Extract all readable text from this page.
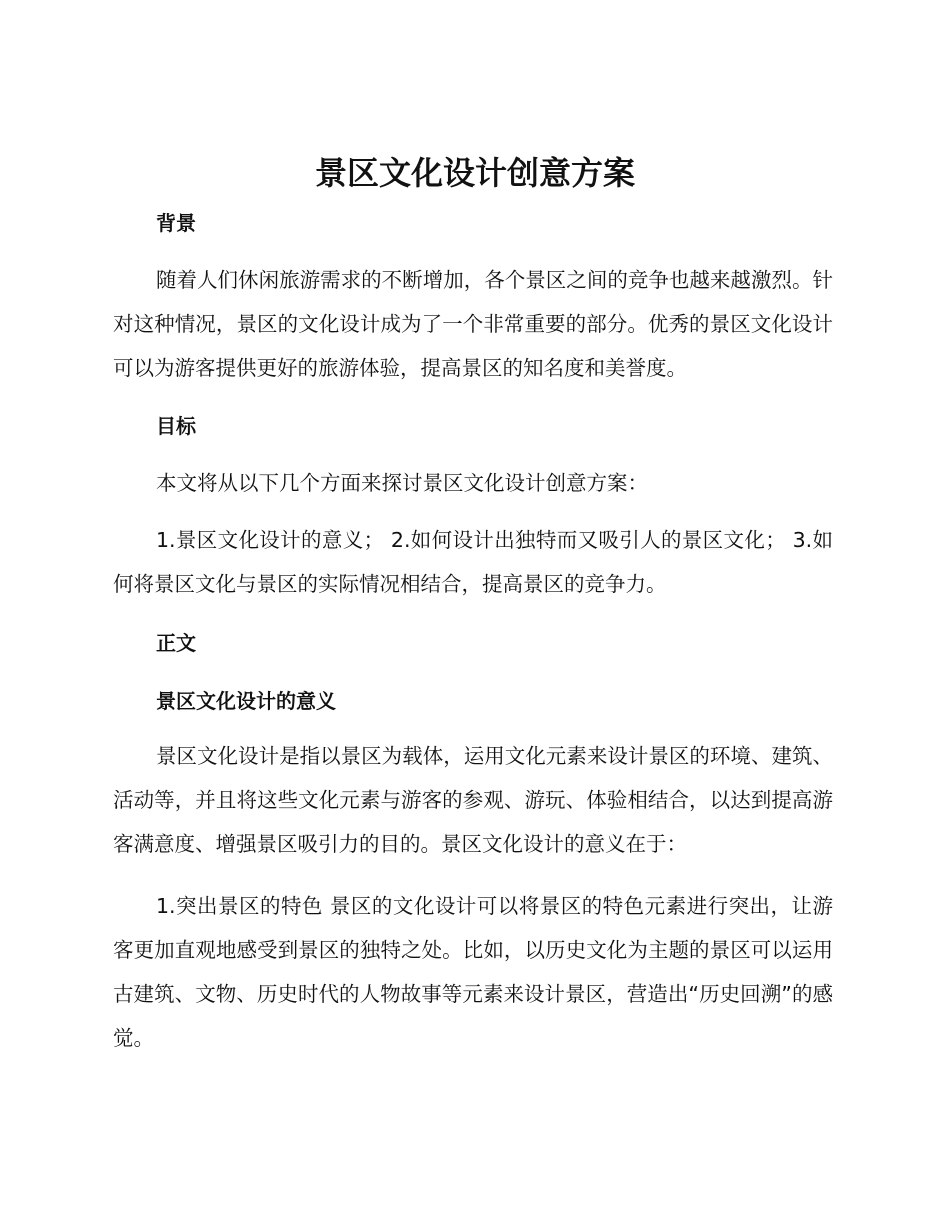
景区文化设计创意方案
背景

随着人们休闲旅游需求的不断增加，各个景区之间的竞争也越来越激烈。针对这种情况，景区的文化设计成为了一个非常重要的部分。优秀的景区文化设计可以为游客提供更好的旅游体验，提高景区的知名度和美誉度。

目标

本文将从以下几个方面来探讨景区文化设计创意方案：

1.景区文化设计的意义； 2.如何设计出独特而又吸引人的景区文化； 3.如何将景区文化与景区的实际情况相结合，提高景区的竞争力。

正文
景区文化设计的意义

景区文化设计是指以景区为载体，运用文化元素来设计景区的环境、建筑、活动等，并且将这些文化元素与游客的参观、游玩、体验相结合，以达到提高游客满意度、增强景区吸引力的目的。景区文化设计的意义在于：

1.突出景区的特色 景区的文化设计可以将景区的特色元素进行突出，让游客更加直观地感受到景区的独特之处。比如，以历史文化为主题的景区可以运用古建筑、文物、历史时代的人物故事等元素来设计景区，营造出“历史回溯”的感觉。
